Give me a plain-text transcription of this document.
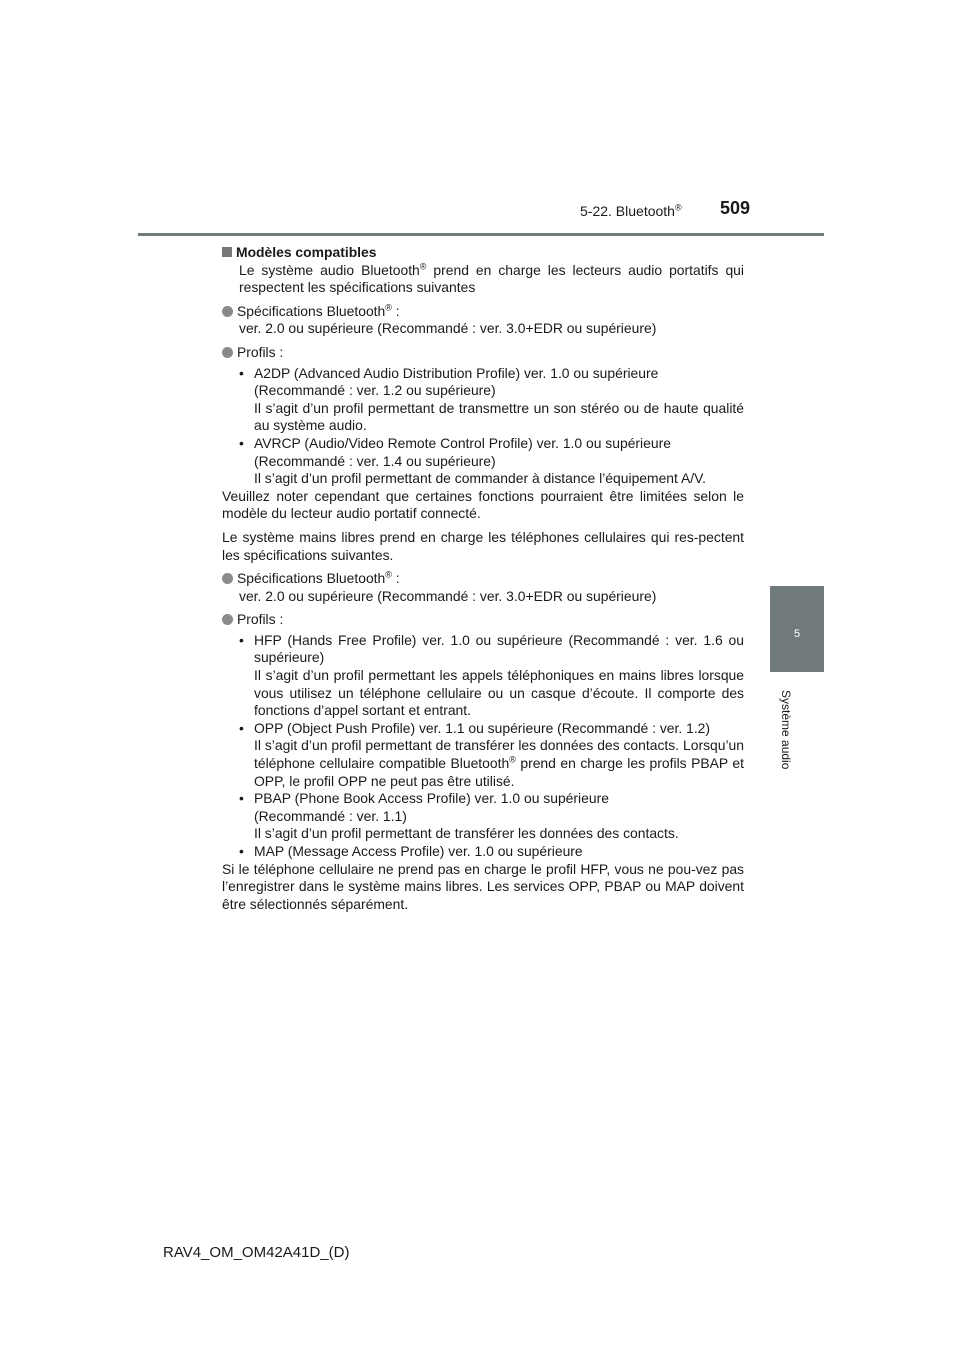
5-22. Bluetooth® 509
5
Système audio

Modèles compatibles

Le système audio Bluetooth® prend en charge les lecteurs audio portatifs qui respectent les spécifications suivantes

Spécifications Bluetooth® :

ver. 2.0 ou supérieure (Recommandé : ver. 3.0+EDR ou supérieure)

Profils :

• A2DP (Advanced Audio Distribution Profile) ver. 1.0 ou supérieure
(Recommandé : ver. 1.2 ou supérieure)
Il s’agit d’un profil permettant de transmettre un son stéréo ou de haute qualité au système audio.
• AVRCP (Audio/Video Remote Control Profile) ver. 1.0 ou supérieure
(Recommandé : ver. 1.4 ou supérieure)
Il s’agit d’un profil permettant de commander à distance l’équipement A/V.

Veuillez noter cependant que certaines fonctions pourraient être limitées selon le modèle du lecteur audio portatif connecté.

Le système mains libres prend en charge les téléphones cellulaires qui res-pectent les spécifications suivantes.

Spécifications Bluetooth® :

ver. 2.0 ou supérieure (Recommandé : ver. 3.0+EDR ou supérieure)

Profils :

• HFP (Hands Free Profile) ver. 1.0 ou supérieure (Recommandé : ver. 1.6 ou supérieure)
Il s’agit d’un profil permettant les appels téléphoniques en mains libres lorsque vous utilisez un téléphone cellulaire ou un casque d’écoute. Il comporte des fonctions d’appel sortant et entrant.
• OPP (Object Push Profile) ver. 1.1 ou supérieure (Recommandé : ver. 1.2)
Il s’agit d’un profil permettant de transférer les données des contacts. Lorsqu’un téléphone cellulaire compatible Bluetooth® prend en charge les profils PBAP et OPP, le profil OPP ne peut pas être utilisé.
• PBAP (Phone Book Access Profile) ver. 1.0 ou supérieure
(Recommandé : ver. 1.1)
Il s’agit d’un profil permettant de transférer les données des contacts.
• MAP (Message Access Profile) ver. 1.0 ou supérieure

Si le téléphone cellulaire ne prend pas en charge le profil HFP, vous ne pou-vez pas l’enregistrer dans le système mains libres. Les services OPP, PBAP ou MAP doivent être sélectionnés séparément.

RAV4_OM_OM42A41D_(D)
